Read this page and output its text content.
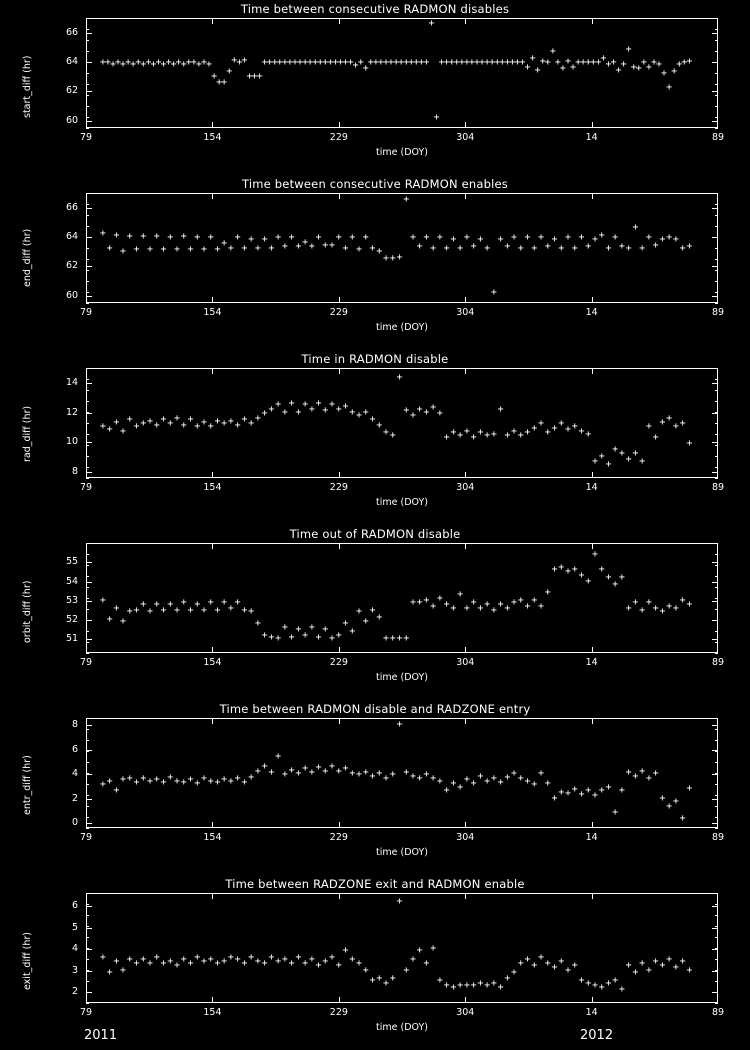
Time between consecutive RADMON disables
60
62
64
66
79	154	229	304	14	89
time (DOY)
start_diff (hr)	+ + + + + + + + + + + + + + + + + + + + + +
+
+ +
+
+ + +
+ + +
+ + + + + + + + + + + + + + + + + + + +
+
+ + + + + + + + + + + +
+
+
+ + + + + + + + + + + + + + + + + +
+
+
+ +
+
+
+
+
+ + + + + + +
+ +
+
+
+
+ +
+ + + +
+
+
+
+ + +
Time between consecutive RADMON enables
60
62
64
66
79	154	229	304	14	89
time (DOY)
end_diff (hr)	+
+
+
+
+
+
+
+
+
+
+
+
+
+
+
+
+
+
+ +
+
+
+
+
+
+
+
+
+
+ + +
+
+ +
+
+
+
+
+
+ +
+ + +
+
+
+
+
+
+
+
+
+
+
+
+
+
+
+
+
+
+
+
+
+
+
+
+
+
+
+
+
+ +
+
+
+ +
+
+
+
+
+ + +
+ +
Time in RADMON disable
8
10
12
14
79	154	229	304	14	89
time (DOY)
rad_diff (hr)	+ +
+
+
+
+ + + +
+ +
+
+
+
+ + +
+ + + +
+ +
+ + + +
+
+
+
+ +
+
+
+ + +
+ + +
+
+
+ +
+
+ +
+ + +
+
+ + + +
+ + + +
+
+ + + + + +
+ + +
+ + + +
+ +
+
+ +
+
+
+
+
+
+ +
+ +
+
Time out of RADMON disable
51
52
53
54
55
79	154	229	304	14	89
time (DOY)
orbit_diff (hr)	+
+
+
+
+ +
+
+
+
+
+
+
+
+
+
+
+
+
+
+
+
+ +
+
+ + +
+
+
+
+
+
+
+
+ +
+
+
+
+
+
+
+ + + +
+ + +
+
+
+ +
+
+
+
+ +
+
+ +
+ +
+
+
+
+
+ + + +
+
+
+
+
+
+
+
+
+
+
+
+ +
+ +
+ +
Time between RADMON disable and RADZONE entry
0
2
4
6
8
79	154	229	304	14	89
time (DOY)
entr_diff (hr)	+ +
+
+ + + + + + + + + + + + + + + + + + + +
+ +
+
+
+ + + + + + + + + + + + + + + + +
+
+ + + + + +
+
+ +
+ +
+ + + + + + + + +
+
+
+
+ + + + + + + +
+
+
+ + +
+ +
+
+ +
+
+
Time between RADZONE exit and RADMON enable
2
3
4
5
6
79	154	229	304	14	89
time (DOY)
exit_diff (hr)	+
+
+
+
+ + + +
+
+ + +
+ +
+ + + + + + + +
+ + +
+ + + +
+
+ +
+ + +
+
+
+ +
+
+ + + +
+
+
+
+
+
+
+ + + + + + + + + +
+
+
+ +
+
+
+ +
+
+ +
+ + + + + +
+
+
+
+
+
+ +
+
+
+
+
2011	2012
